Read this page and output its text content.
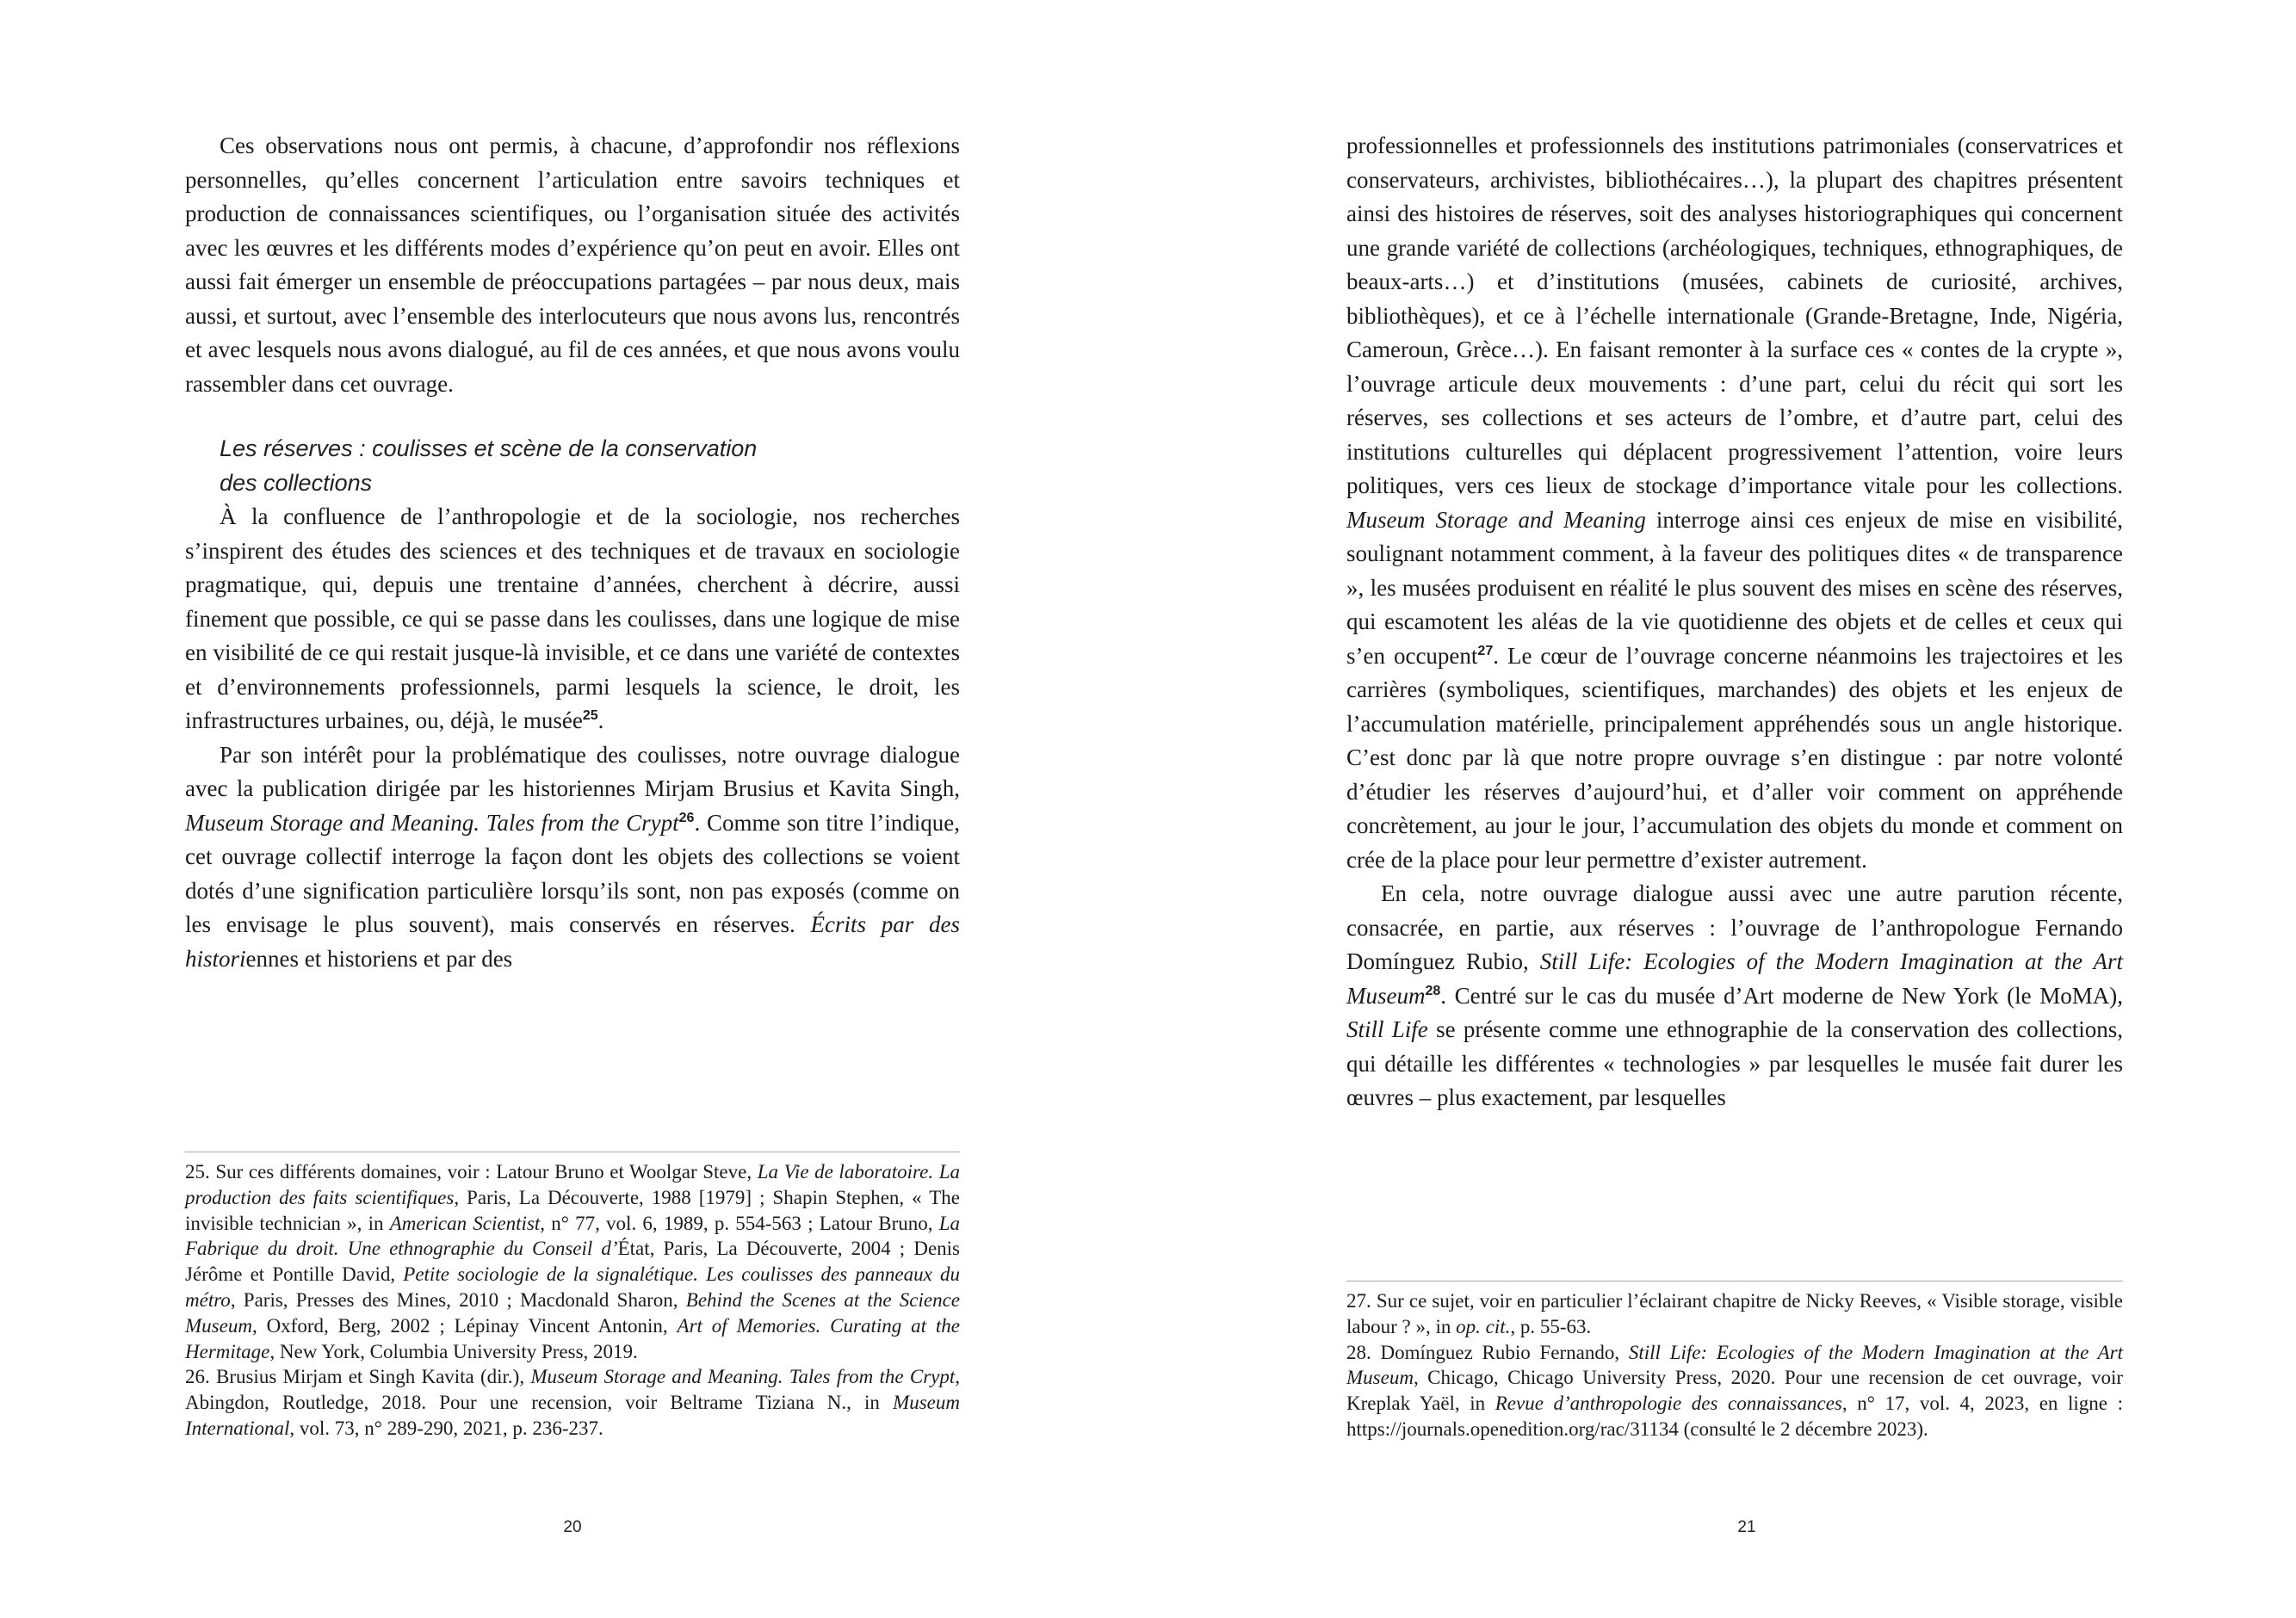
Ces observations nous ont permis, à chacune, d’approfondir nos réflexions personnelles, qu’elles concernent l’articulation entre savoirs techniques et production de connaissances scientifiques, ou l’organisation située des activités avec les œuvres et les différents modes d’expérience qu’on peut en avoir. Elles ont aussi fait émerger un ensemble de préoccupations partagées – par nous deux, mais aussi, et surtout, avec l’ensemble des interlocuteurs que nous avons lus, rencontrés et avec lesquels nous avons dialogué, au fil de ces années, et que nous avons voulu rassembler dans cet ouvrage.

Les réserves : coulisses et scène de la conservation
des collections

À la confluence de l’anthropologie et de la sociologie, nos recherches s’inspirent des études des sciences et des techniques et de travaux en sociologie pragmatique, qui, depuis une trentaine d’années, cherchent à décrire, aussi finement que possible, ce qui se passe dans les coulisses, dans une logique de mise en visibilité de ce qui restait jusque-là invisible, et ce dans une variété de contextes et d’environnements professionnels, parmi lesquels la science, le droit, les infrastructures urbaines, ou, déjà, le musée$^{25}$.

Par son intérêt pour la problématique des coulisses, notre ouvrage dialogue avec la publication dirigée par les historiennes Mirjam Brusius et Kavita Singh, Museum Storage and Meaning. Tales from the Crypt$^{26}$. Comme son titre l’indique, cet ouvrage collectif interroge la façon dont les objets des collections se voient dotés d’une signification particulière lorsqu’ils sont, non pas exposés (comme on les envisage le plus souvent), mais conservés en réserves. Écrits par des historiennes et historiens et par des

25. Sur ces différents domaines, voir : Latour Bruno et Woolgar Steve, La Vie de laboratoire. La production des faits scientifiques, Paris, La Découverte, 1988 [1979] ; Shapin Stephen, « The invisible technician », in American Scientist, n° 77, vol. 6, 1989, p. 554-563 ; Latour Bruno, La Fabrique du droit. Une ethnographie du Conseil d’État, Paris, La Découverte, 2004 ; Denis Jérôme et Pontille David, Petite sociologie de la signalétique. Les coulisses des panneaux du métro, Paris, Presses des Mines, 2010 ; Macdonald Sharon, Behind the Scenes at the Science Museum, Oxford, Berg, 2002 ; Lépinay Vincent Antonin, Art of Memories. Curating at the Hermitage, New York, Columbia University Press, 2019.

26. Brusius Mirjam et Singh Kavita (dir.), Museum Storage and Meaning. Tales from the Crypt, Abingdon, Routledge, 2018. Pour une recension, voir Beltrame Tiziana N., in Museum International, vol. 73, n° 289-290, 2021, p. 236-237.

20

professionnelles et professionnels des institutions patrimoniales (conservatrices et conservateurs, archivistes, bibliothécaires…), la plupart des chapitres présentent ainsi des histoires de réserves, soit des analyses historiographiques qui concernent une grande variété de collections (archéologiques, techniques, ethnographiques, de beaux-arts…) et d’institutions (musées, cabinets de curiosité, archives, bibliothèques), et ce à l’échelle internationale (Grande-Bretagne, Inde, Nigéria, Cameroun, Grèce…). En faisant remonter à la surface ces « contes de la crypte », l’ouvrage articule deux mouvements : d’une part, celui du récit qui sort les réserves, ses collections et ses acteurs de l’ombre, et d’autre part, celui des institutions culturelles qui déplacent progressivement l’attention, voire leurs politiques, vers ces lieux de stockage d’importance vitale pour les collections. Museum Storage and Meaning interroge ainsi ces enjeux de mise en visibilité, soulignant notamment comment, à la faveur des politiques dites « de transparence », les musées produisent en réalité le plus souvent des mises en scène des réserves, qui escamotent les aléas de la vie quotidienne des objets et de celles et ceux qui s’en occupent$^{27}$. Le cœur de l’ouvrage concerne néanmoins les trajectoires et les carrières (symboliques, scientifiques, marchandes) des objets et les enjeux de l’accumulation matérielle, principalement appréhendés sous un angle historique. C’est donc par là que notre propre ouvrage s’en distingue : par notre volonté d’étudier les réserves d’aujourd’hui, et d’aller voir comment on appréhende concrètement, au jour le jour, l’accumulation des objets du monde et comment on crée de la place pour leur permettre d’exister autrement.

En cela, notre ouvrage dialogue aussi avec une autre parution récente, consacrée, en partie, aux réserves : l’ouvrage de l’anthropologue Fernando Domínguez Rubio, Still Life: Ecologies of the Modern Imagination at the Art Museum$^{28}$. Centré sur le cas du musée d’Art moderne de New York (le MoMA), Still Life se présente comme une ethnographie de la conservation des collections, qui détaille les différentes « technologies » par lesquelles le musée fait durer les œuvres – plus exactement, par lesquelles

27. Sur ce sujet, voir en particulier l’éclairant chapitre de Nicky Reeves, « Visible storage, visible labour ? », in op. cit., p. 55-63.

28. Domínguez Rubio Fernando, Still Life: Ecologies of the Modern Imagination at the Art Museum, Chicago, Chicago University Press, 2020. Pour une recension de cet ouvrage, voir Kreplak Yaël, in Revue d’anthropologie des connaissances, n° 17, vol. 4, 2023, en ligne : https://journals.openedition.org/rac/31134 (consulté le 2 décembre 2023).

21
